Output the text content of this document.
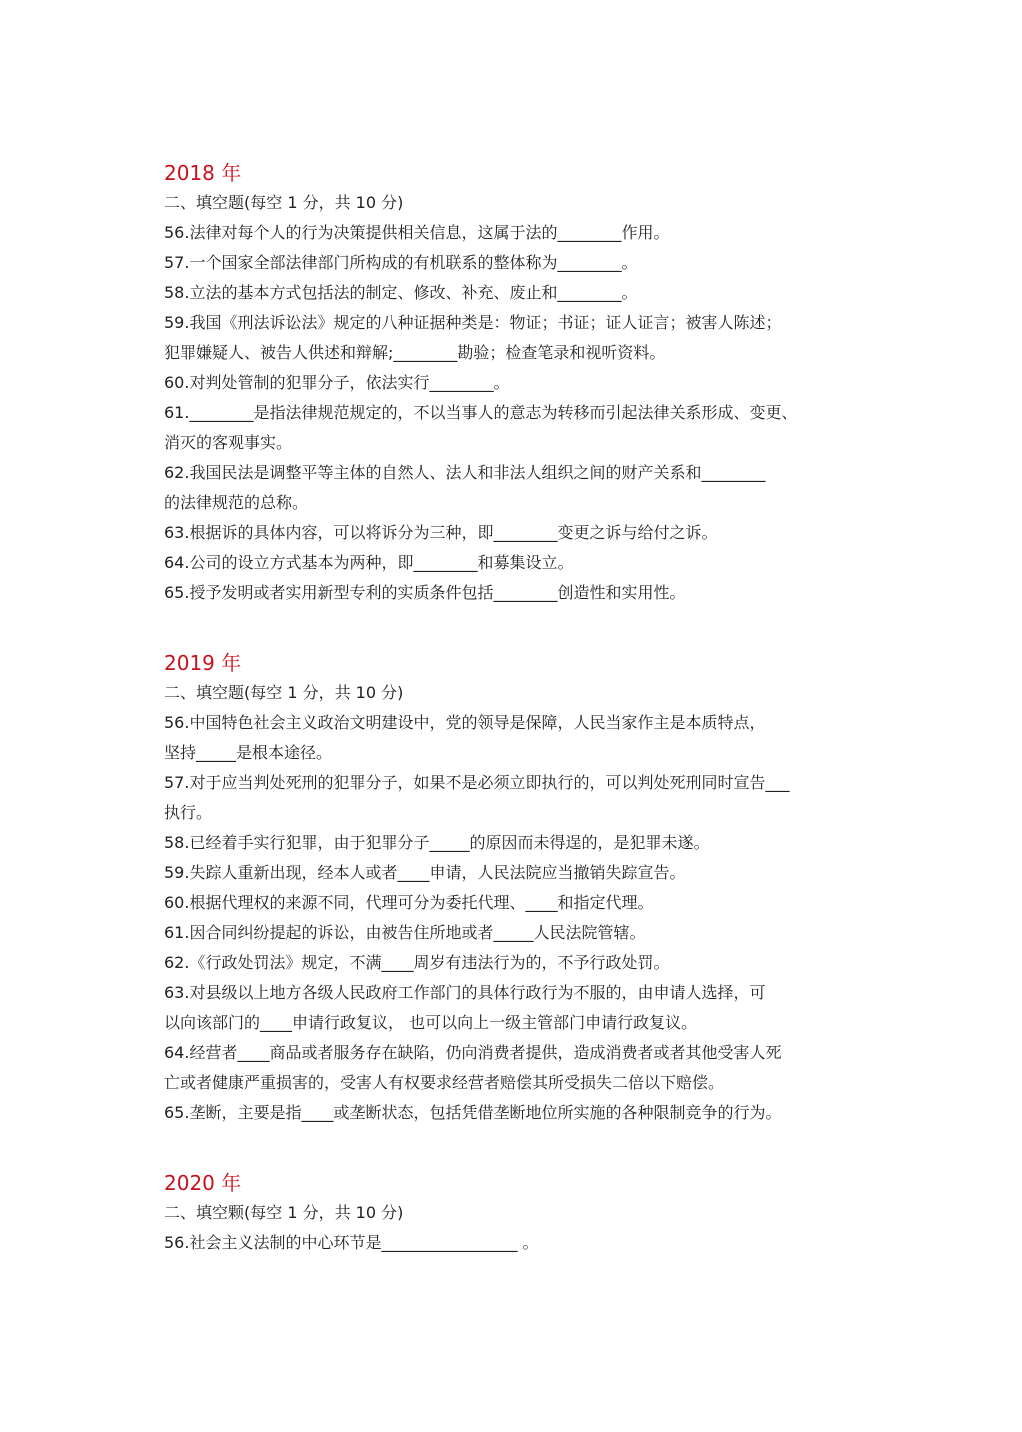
2018 年
二、填空题(每空 1 分，共 10 分)
56.法律对每个人的行为决策提供相关信息，这属于法的________作用。
57.一个国家全部法律部门所构成的有机联系的整体称为________。
58.立法的基本方式包括法的制定、修改、补充、废止和________。
59.我国《刑法诉讼法》规定的八种证据种类是：物证；书证；证人证言；被害人陈述；
犯罪嫌疑人、被告人供述和辩解;________勘验；检查笔录和视听资料。
60.对判处管制的犯罪分子，依法实行________。
61.________是指法律规范规定的，不以当事人的意志为转移而引起法律关系形成、变更、
消灭的客观事实。
62.我国民法是调整平等主体的自然人、法人和非法人组织之间的财产关系和________
的法律规范的总称。
63.根据诉的具体内容，可以将诉分为三种，即________变更之诉与给付之诉。
64.公司的设立方式基本为两种，即________和募集设立。
65.授予发明或者实用新型专利的实质条件包括________创造性和实用性。
2019 年
二、填空题(每空 1 分，共 10 分)
56.中国特色社会主义政治文明建设中，党的领导是保障，人民当家作主是本质特点，
坚持_____是根本途径。
57.对于应当判处死刑的犯罪分子，如果不是必须立即执行的，可以判处死刑同时宣告___
执行。
58.已经着手实行犯罪，由于犯罪分子_____的原因而未得逞的，是犯罪未遂。
59.失踪人重新出现，经本人或者____申请，人民法院应当撤销失踪宣告。
60.根据代理权的来源不同，代理可分为委托代理、____和指定代理。
61.因合同纠纷提起的诉讼，由被告住所地或者_____人民法院管辖。
62.《行政处罚法》规定，不满____周岁有违法行为的，不予行政处罚。
63.对县级以上地方各级人民政府工作部门的具体行政行为不服的，由申请人选择，可
以向该部门的____申请行政复议， 也可以向上一级主管部门申请行政复议。
64.经营者____商品或者服务存在缺陷，仍向消费者提供，造成消费者或者其他受害人死
亡或者健康严重损害的，受害人有权要求经营者赔偿其所受损失二倍以下赔偿。
65.垄断，主要是指____或垄断状态，包括凭借垄断地位所实施的各种限制竞争的行为。
2020 年
二、填空颗(每空 1 分，共 10 分)
56.社会主义法制的中心环节是_________________ 。
